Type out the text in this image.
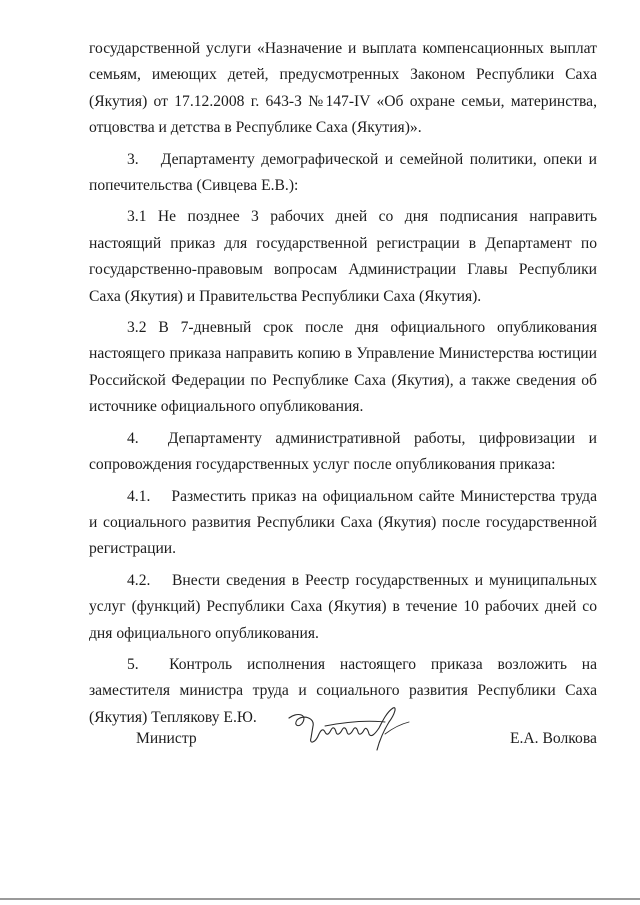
государственной услуги «Назначение и выплата компенсационных выплат семьям, имеющих детей, предусмотренных Законом Республики Саха (Якутия) от 17.12.2008 г. 643-З №147-IV «Об охране семьи, материнства, отцовства и детства в Республике Саха (Якутия)».

3.  Департаменту демографической и семейной политики, опеки и попечительства (Сивцева Е.В.):

3.1 Не позднее 3 рабочих дней со дня подписания направить настоящий приказ для государственной регистрации в Департамент по государственно-правовым вопросам Администрации Главы Республики Саха (Якутия) и Правительства Республики Саха (Якутия).

3.2 В 7-дневный срок после дня официального опубликования настоящего приказа направить копию в Управление Министерства юстиции Российской Федерации по Республике Саха (Якутия), а также сведения об источнике официального опубликования.

4.  Департаменту административной работы, цифровизации и сопровождения государственных услуг после опубликования приказа:

4.1.  Разместить приказ на официальном сайте Министерства труда и социального развития Республики Саха (Якутия) после государственной регистрации.

4.2.  Внести сведения в Реестр государственных и муниципальных услуг (функций) Республики Саха (Якутия) в течение 10 рабочих дней со дня официального опубликования.

5.  Контроль исполнения настоящего приказа возложить на заместителя министра труда и социального развития Республики Саха (Якутия) Теплякову Е.Ю.

Министр	Е.А. Волкова
